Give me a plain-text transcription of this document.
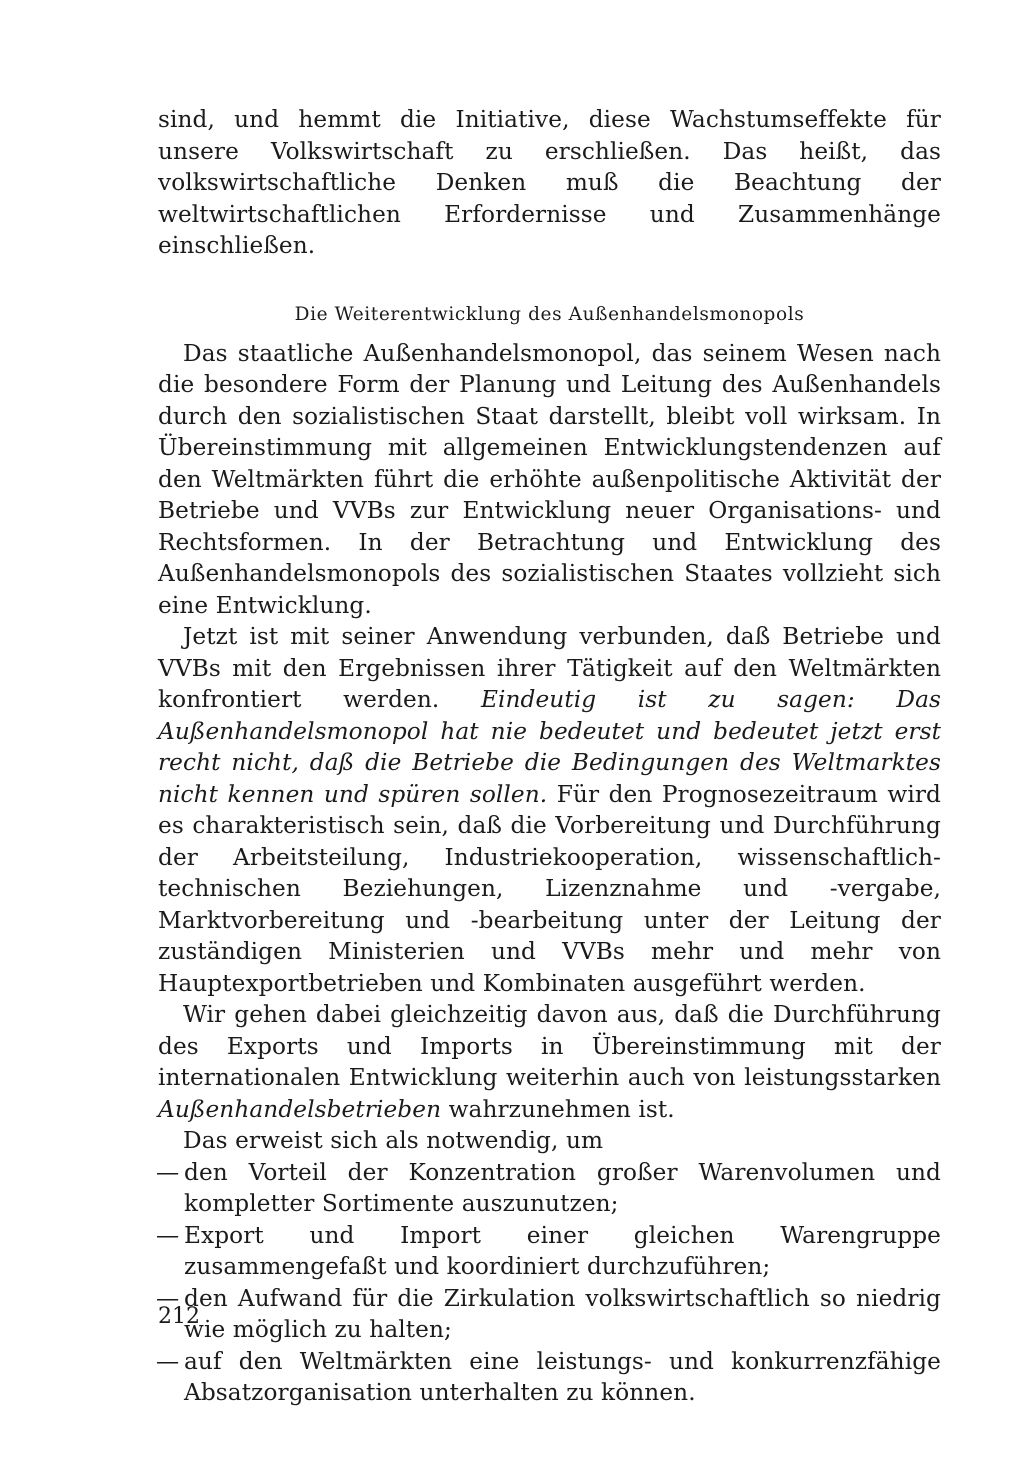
sind, und hemmt die Initiative, diese Wachstumseffekte für unsere Volkswirtschaft zu erschließen. Das heißt, das volkswirtschaftliche Denken muß die Beachtung der weltwirtschaftlichen Erfordernisse und Zusammenhänge einschließen.

Die Weiterentwicklung des Außenhandelsmonopols

Das staatliche Außenhandelsmonopol, das seinem Wesen nach die besondere Form der Planung und Leitung des Außenhandels durch den sozialistischen Staat darstellt, bleibt voll wirksam. In Übereinstimmung mit allgemeinen Entwicklungstendenzen auf den Weltmärkten führt die erhöhte außenpolitische Aktivität der Betriebe und VVBs zur Entwicklung neuer Organisations- und Rechtsformen. In der Betrachtung und Entwicklung des Außenhandelsmonopols des sozialistischen Staates vollzieht sich eine Entwicklung.

Jetzt ist mit seiner Anwendung verbunden, daß Betriebe und VVBs mit den Ergebnissen ihrer Tätigkeit auf den Weltmärkten konfrontiert werden. Eindeutig ist zu sagen: Das Außenhandelsmonopol hat nie bedeutet und bedeutet jetzt erst recht nicht, daß die Betriebe die Bedingungen des Weltmarktes nicht kennen und spüren sollen. Für den Prognosezeitraum wird es charakteristisch sein, daß die Vorbereitung und Durchführung der Arbeitsteilung, Industriekooperation, wissenschaftlich-technischen Beziehungen, Lizenznahme und -vergabe, Marktvorbereitung und -bearbeitung unter der Leitung der zuständigen Ministerien und VVBs mehr und mehr von Hauptexportbetrieben und Kombinaten ausgeführt werden.

Wir gehen dabei gleichzeitig davon aus, daß die Durchführung des Exports und Imports in Übereinstimmung mit der internationalen Entwicklung weiterhin auch von leistungsstarken Außenhandelsbetrieben wahrzunehmen ist.

Das erweist sich als notwendig, um

— den Vorteil der Konzentration großer Warenvolumen und kompletter Sortimente auszunutzen;
— Export und Import einer gleichen Warengruppe zusammengefaßt und koordiniert durchzuführen;
— den Aufwand für die Zirkulation volkswirtschaftlich so niedrig wie möglich zu halten;
— auf den Weltmärkten eine leistungs- und konkurrenzfähige Absatzorganisation unterhalten zu können.
212
